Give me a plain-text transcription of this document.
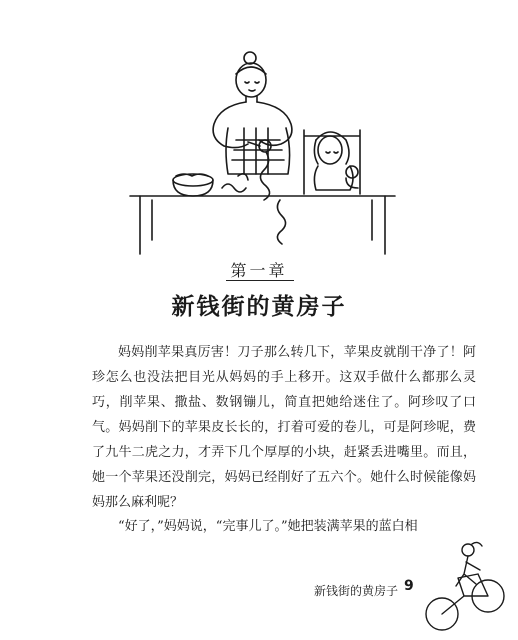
第一章
新钱街的黄房子

妈妈削苹果真厉害！刀子那么转几下，苹果皮就削干净了！阿珍怎么也没法把目光从妈妈的手上移开。这双手做什么都那么灵巧，削苹果、撒盐、数钢镚儿，简直把她给迷住了。阿珍叹了口气。妈妈削下的苹果皮长长的，打着可爱的卷儿，可是阿珍呢，费了九牛二虎之力，才弄下几个厚厚的小块，赶紧丢进嘴里。而且，她一个苹果还没削完，妈妈已经削好了五六个。她什么时候能像妈妈那么麻利呢？

“好了，”妈妈说，“完事儿了。”她把装满苹果的蓝白相

新钱街的黄房子 9
